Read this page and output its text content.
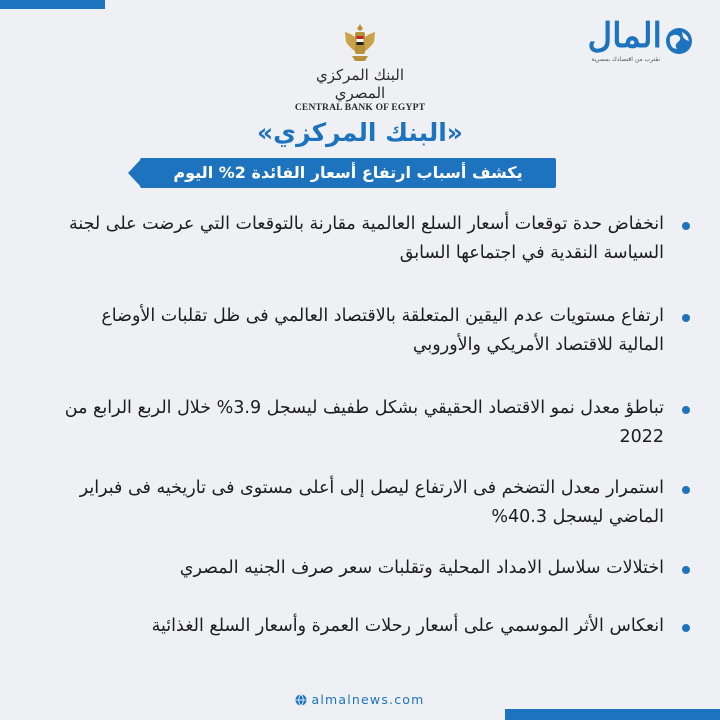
المال
نقترب من اقتصادك بمصرية
البنك المركزي المصري
CENTRAL BANK OF EGYPT
«البنك المركزي»
يكشف أسباب ارتفاع أسعار الفائدة 2% اليوم
انخفاض حدة توقعات أسعار السلع العالمية مقارنة بالتوقعات التي عرضت على لجنة السياسة النقدية في اجتماعها السابق
ارتفاع مستويات عدم اليقين المتعلقة بالاقتصاد العالمي فى ظل تقلبات الأوضاع المالية للاقتصاد الأمريكي والأوروبي
تباطؤ معدل نمو الاقتصاد الحقيقي بشكل طفيف ليسجل 3.9% خلال الربع الرابع من 2022
استمرار معدل التضخم فى الارتفاع ليصل إلى أعلى مستوى فى تاريخيه فى فبراير الماضي ليسجل 40.3%
اختلالات سلاسل الامداد المحلية وتقلبات سعر صرف الجنيه المصري
انعكاس الأثر الموسمي على أسعار رحلات العمرة وأسعار السلع الغذائية
almalnews.com
